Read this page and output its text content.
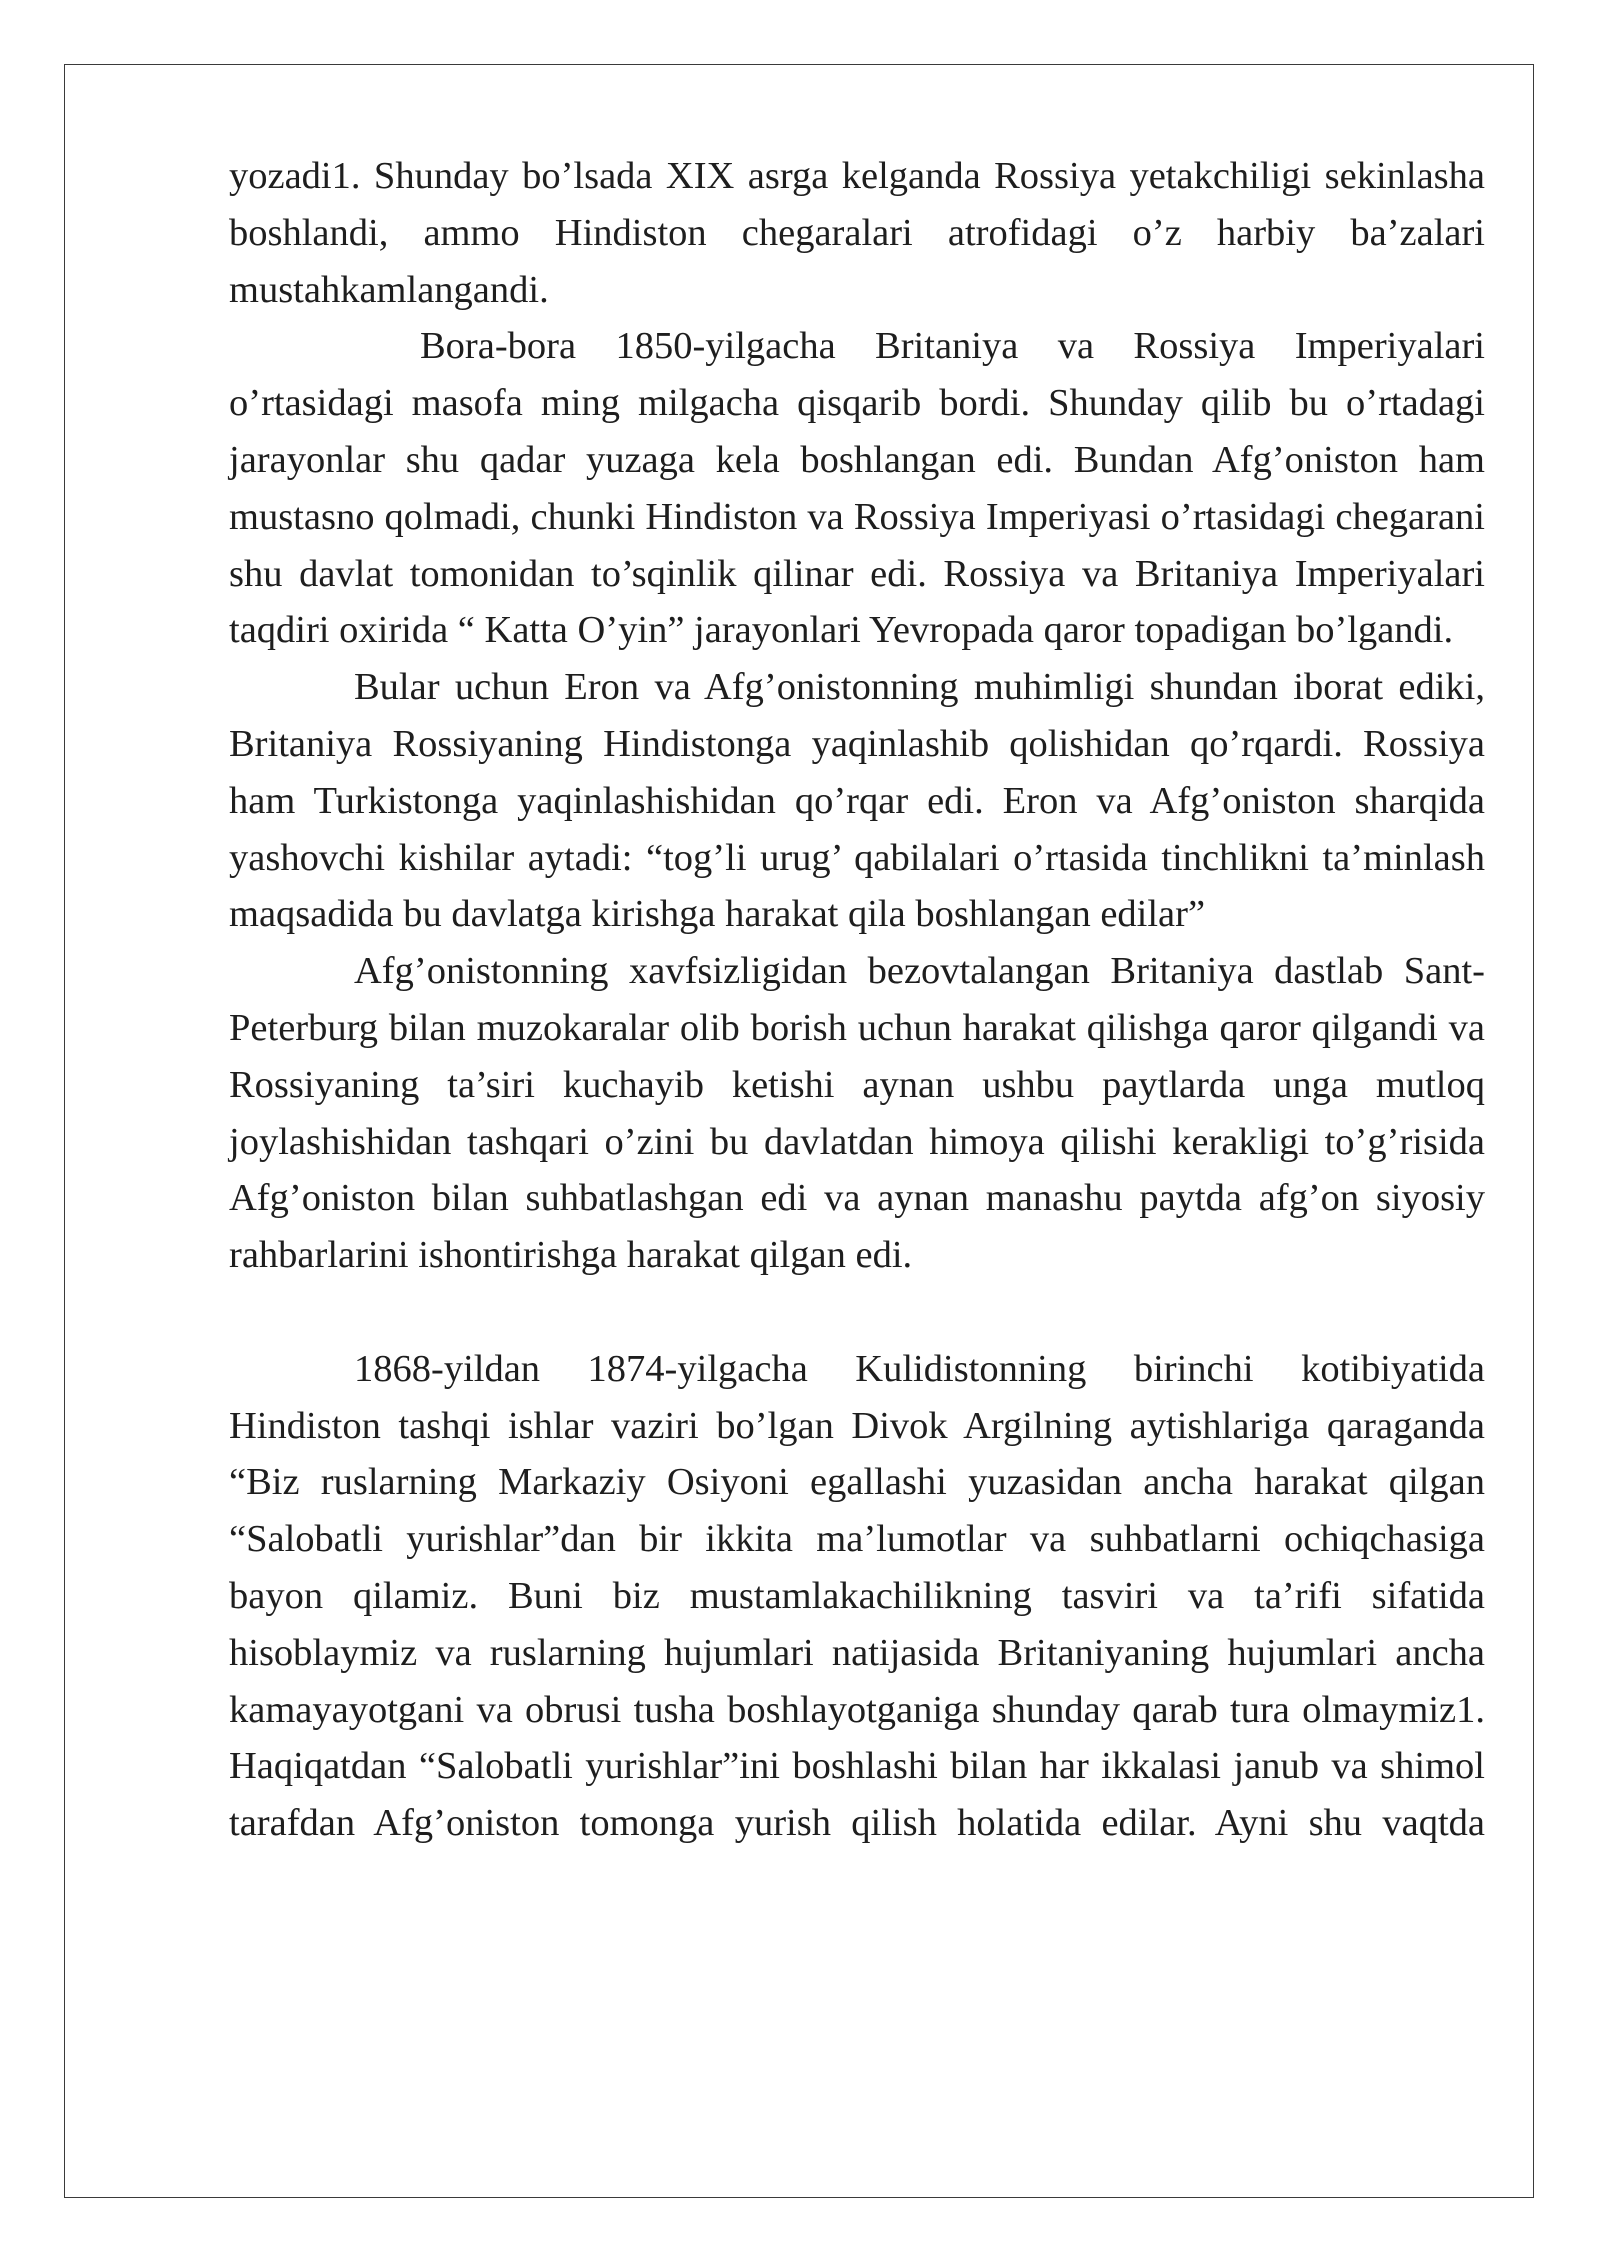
yozadi1. Shunday bo’lsada XIX asrga kelganda Rossiya yetakchiligi sekinlasha boshlandi, ammo Hindiston chegaralari atrofidagi o’z harbiy ba’zalari mustahkamlangandi.

Bora-bora 1850-yilgacha Britaniya va Rossiya Imperiyalari o’rtasidagi masofa ming milgacha qisqarib bordi. Shunday qilib bu o’rtadagi jarayonlar shu qadar yuzaga kela boshlangan edi. Bundan Afg’oniston ham mustasno qolmadi, chunki Hindiston va Rossiya Imperiyasi o’rtasidagi chegarani shu davlat tomonidan to’sqinlik qilinar edi. Rossiya va Britaniya Imperiyalari taqdiri oxirida “ Katta O’yin” jarayonlari Yevropada qaror topadigan bo’lgandi.

Bular uchun Eron va Afg’onistonning muhimligi shundan iborat ediki, Britaniya Rossiyaning Hindistonga yaqinlashib qolishidan qo’rqardi. Rossiya ham Turkistonga yaqinlashishidan qo’rqar edi. Eron va Afg’oniston sharqida yashovchi kishilar aytadi: “tog’li urug’ qabilalari o’rtasida tinchlikni ta’minlash maqsadida bu davlatga kirishga harakat qila boshlangan edilar”

Afg’onistonning xavfsizligidan bezovtalangan Britaniya dastlab Sant-Peterburg bilan muzokaralar olib borish uchun harakat qilishga qaror qilgandi va Rossiyaning ta’siri kuchayib ketishi aynan ushbu paytlarda unga mutloq joylashishidan tashqari o’zini bu davlatdan himoya qilishi kerakligi to’g’risida Afg’oniston bilan suhbatlashgan edi va aynan manashu paytda afg’on siyosiy rahbarlarini ishontirishga harakat qilgan edi.

1868-yildan 1874-yilgacha Kulidistonning birinchi kotibiyatida Hindiston tashqi ishlar vaziri bo’lgan Divok Argilning aytishlariga qaraganda “Biz ruslarning Markaziy Osiyoni egallashi yuzasidan ancha harakat qilgan “Salobatli yurishlar”dan bir ikkita ma’lumotlar va suhbatlarni ochiqchasiga bayon qilamiz. Buni biz mustamlakachilikning tasviri va ta’rifi sifatida hisoblaymiz va ruslarning hujumlari natijasida Britaniyaning hujumlari ancha kamayayotgani va obrusi tusha boshlayotganiga shunday qarab tura olmaymiz1. Haqiqatdan “Salobatli yurishlar”ini boshlashi bilan har ikkalasi janub va shimol tarafdan Afg’oniston tomonga yurish qilish holatida edilar. Ayni shu vaqtda
